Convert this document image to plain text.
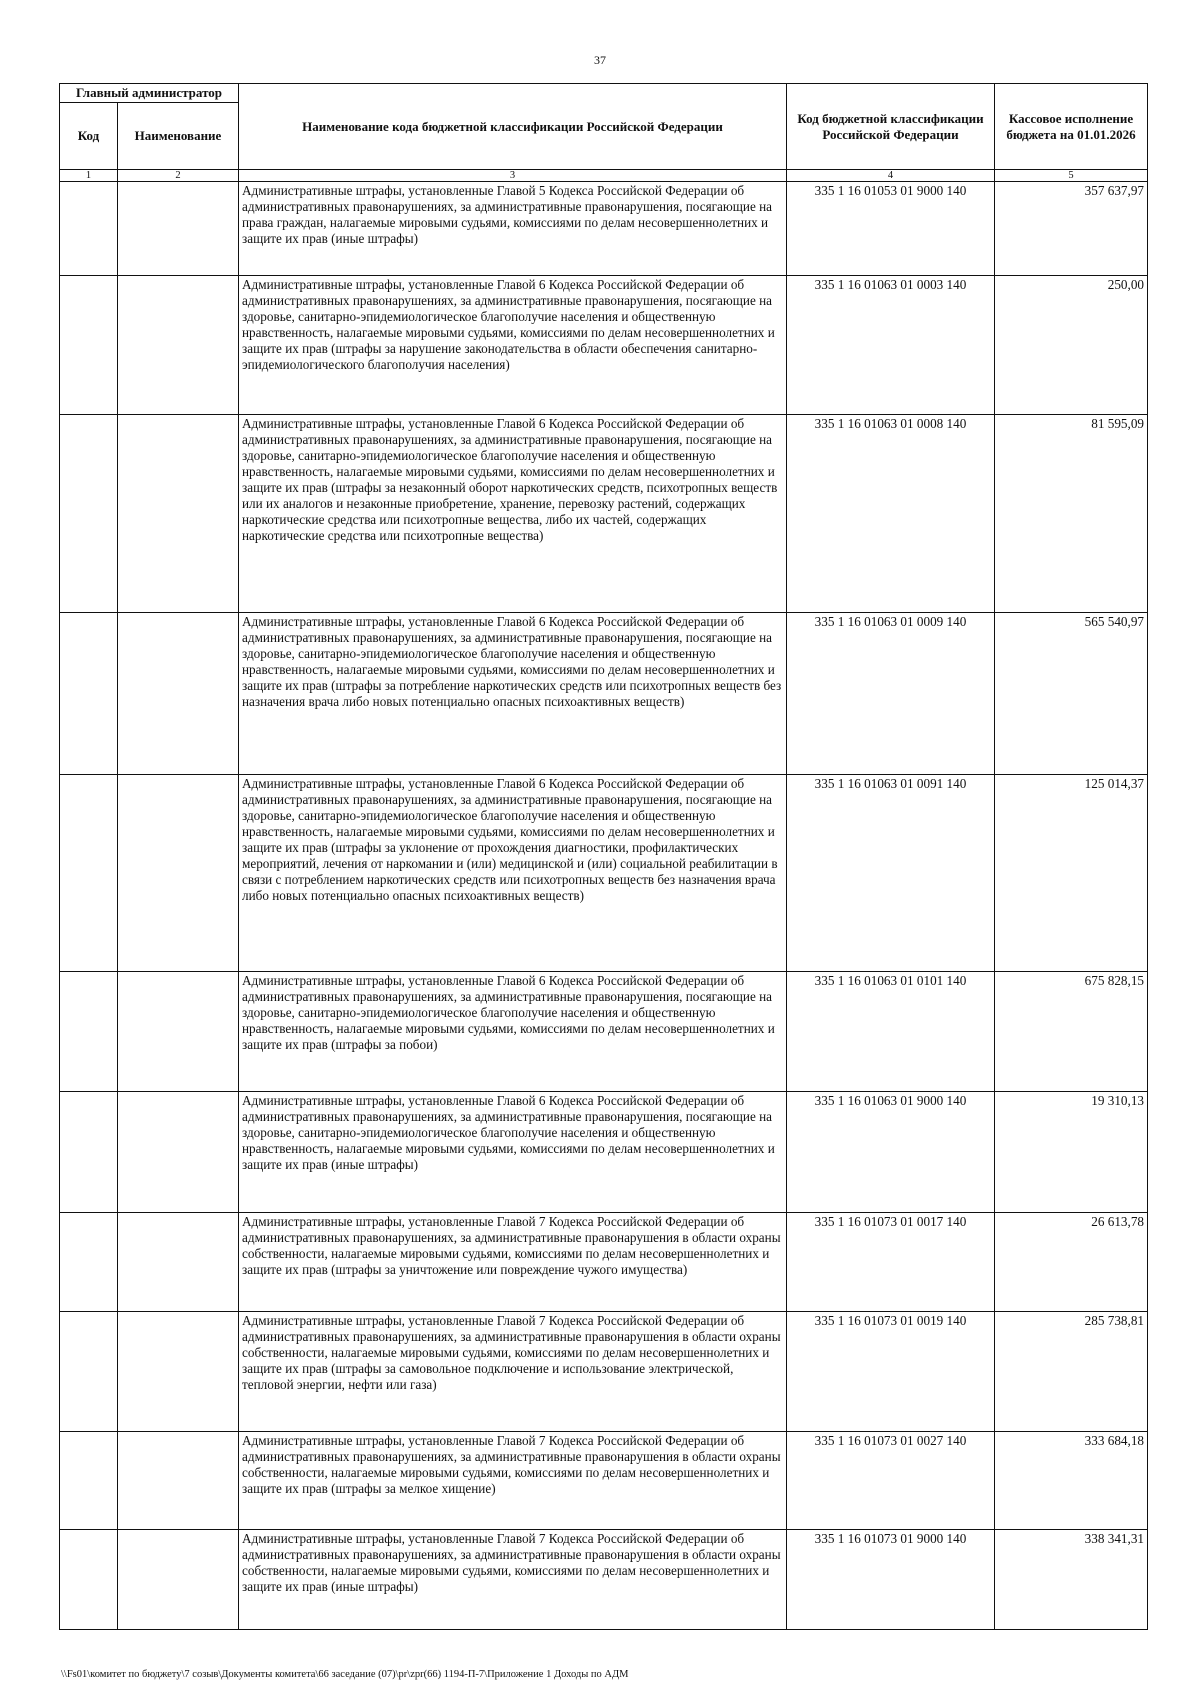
37
Главный администратор		Наименование кода бюджетной классификации Российской Федерации	Код бюджетной классификации Российской Федерации	Кассовое исполнение бюджета на 01.01.2026
Код	Наименование			
1	2	3	4	5
		Административные штрафы, установленные Главой 5 Кодекса Российской Федерации об административных правонарушениях, за административные правонарушения, посягающие на права граждан, налагаемые мировыми судьями, комиссиями по делам несовершеннолетних и защите их прав (иные штрафы)	335 1 16 01053 01 9000 140	357 637,97
		Административные штрафы, установленные Главой 6 Кодекса Российской Федерации об административных правонарушениях, за административные правонарушения, посягающие на здоровье, санитарно-эпидемиологическое благополучие населения и общественную нравственность, налагаемые мировыми судьями, комиссиями по делам несовершеннолетних и защите их прав (штрафы за нарушение законодательства в области обеспечения санитарно-эпидемиологического благополучия населения)	335 1 16 01063 01 0003 140	250,00
		Административные штрафы, установленные Главой 6 Кодекса Российской Федерации об административных правонарушениях, за административные правонарушения, посягающие на здоровье, санитарно-эпидемиологическое благополучие населения и общественную нравственность, налагаемые мировыми судьями, комиссиями по делам несовершеннолетних и защите их прав (штрафы за незаконный оборот наркотических средств, психотропных веществ или их аналогов и незаконные приобретение, хранение, перевозку растений, содержащих наркотические средства или психотропные вещества, либо их частей, содержащих наркотические средства или психотропные вещества)	335 1 16 01063 01 0008 140	81 595,09
		Административные штрафы, установленные Главой 6 Кодекса Российской Федерации об административных правонарушениях, за административные правонарушения, посягающие на здоровье, санитарно-эпидемиологическое благополучие населения и общественную нравственность, налагаемые мировыми судьями, комиссиями по делам несовершеннолетних и защите их прав (штрафы за потребление наркотических средств или психотропных веществ без назначения врача либо новых потенциально опасных психоактивных веществ)	335 1 16 01063 01 0009 140	565 540,97
		Административные штрафы, установленные Главой 6 Кодекса Российской Федерации об административных правонарушениях, за административные правонарушения, посягающие на здоровье, санитарно-эпидемиологическое благополучие населения и общественную нравственность, налагаемые мировыми судьями, комиссиями по делам несовершеннолетних и защите их прав (штрафы за уклонение от прохождения диагностики, профилактических мероприятий, лечения от наркомании и (или) медицинской и (или) социальной реабилитации в связи с потреблением наркотических средств или психотропных веществ без назначения врача либо новых потенциально опасных психоактивных веществ)	335 1 16 01063 01 0091 140	125 014,37
		Административные штрафы, установленные Главой 6 Кодекса Российской Федерации об административных правонарушениях, за административные правонарушения, посягающие на здоровье, санитарно-эпидемиологическое благополучие населения и общественную нравственность, налагаемые мировыми судьями, комиссиями по делам несовершеннолетних и защите их прав (штрафы за побои)	335 1 16 01063 01 0101 140	675 828,15
		Административные штрафы, установленные Главой 6 Кодекса Российской Федерации об административных правонарушениях, за административные правонарушения, посягающие на здоровье, санитарно-эпидемиологическое благополучие населения и общественную нравственность, налагаемые мировыми судьями, комиссиями по делам несовершеннолетних и защите их прав (иные штрафы)	335 1 16 01063 01 9000 140	19 310,13
		Административные штрафы, установленные Главой 7 Кодекса Российской Федерации об административных правонарушениях, за административные правонарушения в области охраны собственности, налагаемые мировыми судьями, комиссиями по делам несовершеннолетних и защите их прав (штрафы за уничтожение или повреждение чужого имущества)	335 1 16 01073 01 0017 140	26 613,78
		Административные штрафы, установленные Главой 7 Кодекса Российской Федерации об административных правонарушениях, за административные правонарушения в области охраны собственности, налагаемые мировыми судьями, комиссиями по делам несовершеннолетних и защите их прав (штрафы за самовольное подключение и использование электрической, тепловой энергии, нефти или газа)	335 1 16 01073 01 0019 140	285 738,81
		Административные штрафы, установленные Главой 7 Кодекса Российской Федерации об административных правонарушениях, за административные правонарушения в области охраны собственности, налагаемые мировыми судьями, комиссиями по делам несовершеннолетних и защите их прав (штрафы за мелкое хищение)	335 1 16 01073 01 0027 140	333 684,18
		Административные штрафы, установленные Главой 7 Кодекса Российской Федерации об административных правонарушениях, за административные правонарушения в области охраны собственности, налагаемые мировыми судьями, комиссиями по делам несовершеннолетних и защите их прав (иные штрафы)	335 1 16 01073 01 9000 140	338 341,31
\\Fs01\комитет по бюджету\7 созыв\Документы комитета\66 заседание (07)\pr\zpr(66) 1194-П-7\Приложение 1 Доходы по АДМ
